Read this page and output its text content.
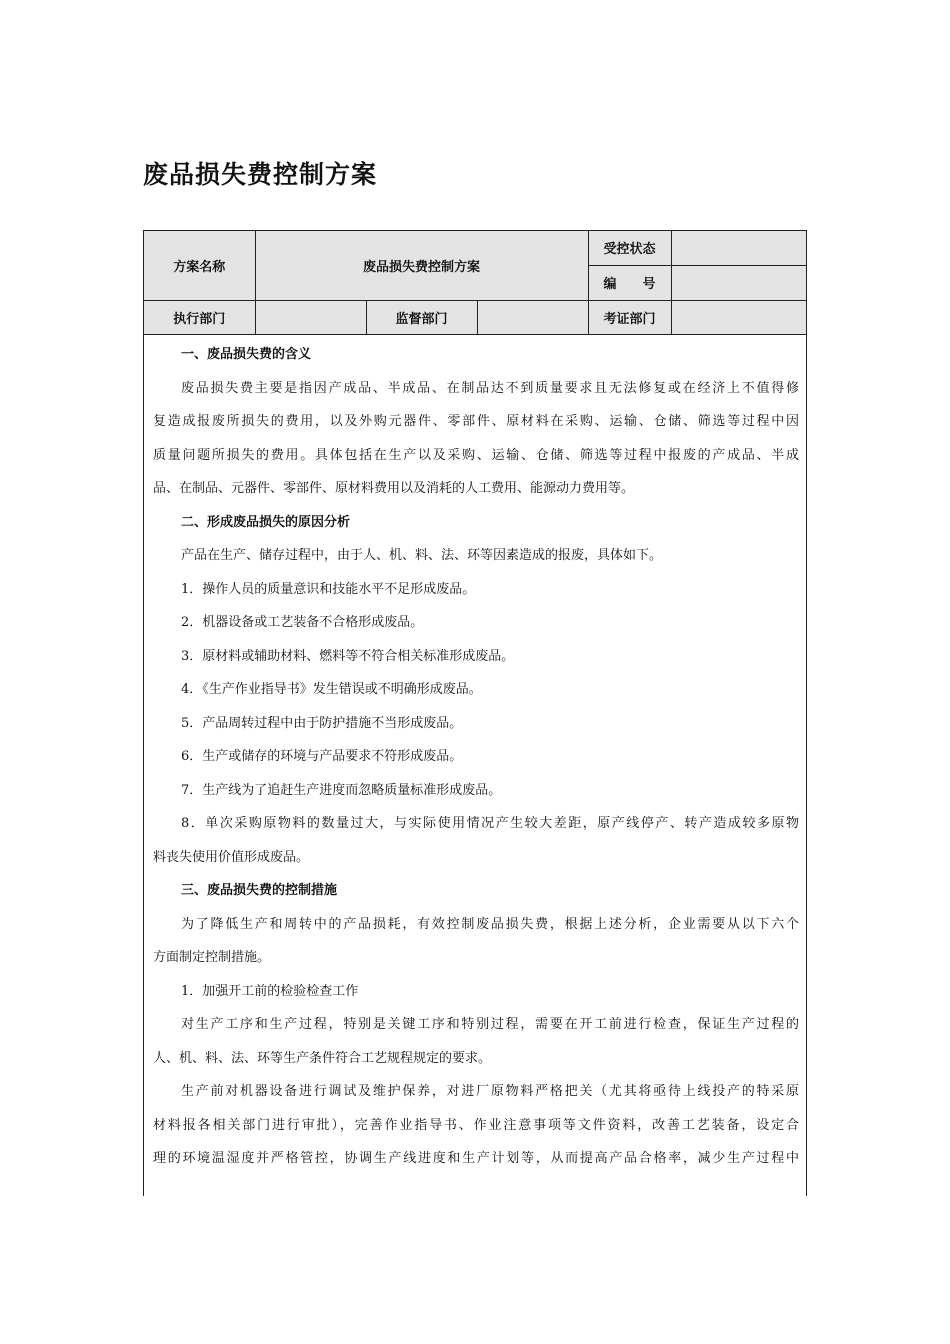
废品损失费控制方案
方案名称	废品损失费控制方案			受控状态	
				编　　号	
执行部门		监督部门		考证部门	

一、废品损失费的含义

废品损失费主要是指因产成品、半成品、在制品达不到质量要求且无法修复或在经济上不值得修

复造成报废所损失的费用，以及外购元器件、零部件、原材料在采购、运输、仓储、筛选等过程中因

质量问题所损失的费用。具体包括在生产以及采购、运输、仓储、筛选等过程中报废的产成品、半成

品、在制品、元器件、零部件、原材料费用以及消耗的人工费用、能源动力费用等。

二、形成废品损失的原因分析

产品在生产、储存过程中，由于人、机、料、法、环等因素造成的报废，具体如下。

1．操作人员的质量意识和技能水平不足形成废品。

2．机器设备或工艺装备不合格形成废品。

3．原材料或辅助材料、燃料等不符合相关标准形成废品。

4．《生产作业指导书》发生错误或不明确形成废品。

5．产品周转过程中由于防护措施不当形成废品。

6．生产或储存的环境与产品要求不符形成废品。

7．生产线为了追赶生产进度而忽略质量标准形成废品。

8．单次采购原物料的数量过大，与实际使用情况产生较大差距，原产线停产、转产造成较多原物

料丧失使用价值形成废品。

三、废品损失费的控制措施

为了降低生产和周转中的产品损耗，有效控制废品损失费，根据上述分析，企业需要从以下六个

方面制定控制措施。

1．加强开工前的检验检查工作

对生产工序和生产过程，特别是关键工序和特别过程，需要在开工前进行检查，保证生产过程的

人、机、料、法、环等生产条件符合工艺规程规定的要求。

生产前对机器设备进行调试及维护保养，对进厂原物料严格把关（尤其将亟待上线投产的特采原

材料报各相关部门进行审批），完善作业指导书、作业注意事项等文件资料，改善工艺装备，设定合

理的环境温湿度并严格管控，协调生产线进度和生产计划等，从而提高产品合格率，减少生产过程中
